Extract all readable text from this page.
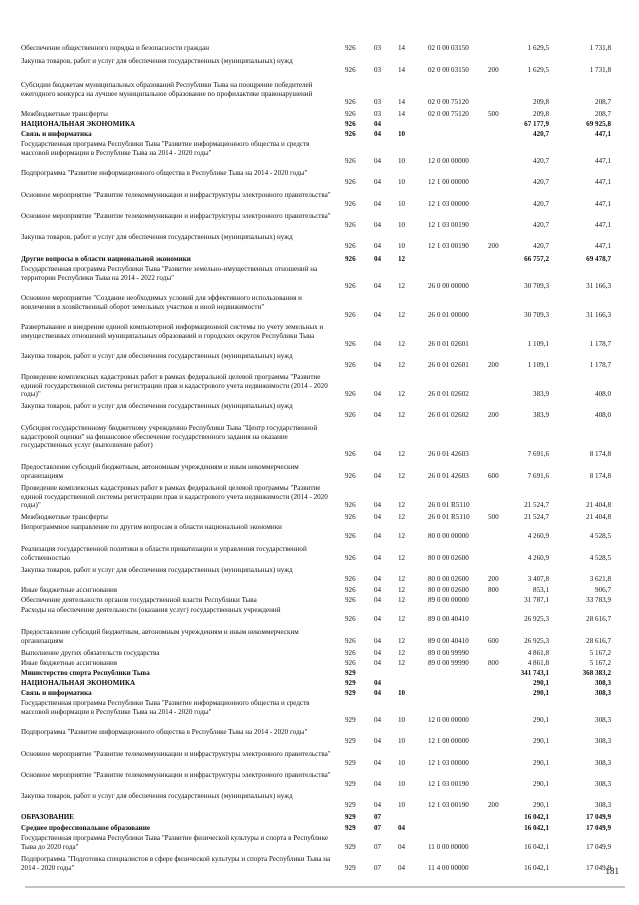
Обеспечение общественного порядка и безопасности граждан	926	03 14	02 0 00 03150	1 629,5	1 731,8
Закупка товаров, работ и услуг для обеспечения государственных (муниципальных) нужд
926	03 14	02 0 00 03150	200	1 629,5	1 731,8
Субсидии бюджетам муниципальных образований Республики Тыва на поощрение победителей ежегодного конкурса на лучшее муниципальное образование по профилактике правонарушений
926	03 14	02 0 00 75120	209,8	208,7
Межбюджетные трансферты	926	03 14	02 0 00 75120	500	209,8	208,7
НАЦИОНАЛЬНАЯ ЭКОНОМИКА	926	04	67 177,9	69 925,8
Связь и информатика	926	04 10	420,7	447,1
Государственная программа Республики Тыва "Развитие информационного общества и средств массовой информации в Республике Тыва на 2014 - 2020 годы"
926	04 10	12 0 00 00000	420,7	447,1
Подпрограмма "Развитие информационного общества в Республике Тыва на 2014 - 2020 годы"
926	04 10	12 1 00 00000	420,7	447,1
Основное мероприятие "Развитие телекоммуникации и инфраструктуры электронного правительства"
926	04 10	12 1 03 00000	420,7	447,1
Основное мероприятие "Развитие телекоммуникации и инфраструктуры электронного правительства"
926	04 10	12 1 03 00190	420,7	447,1
Закупка товаров, работ и услуг для обеспечения государственных (муниципальных) нужд
926	04 10	12 1 03 00190	200	420,7	447,1
Другие вопросы в области национальной экономики	926	04 12	66 757,2	69 478,7
Государственная программа Республики Тыва "Развитие земельно-имущественных отношений на территории Республики Тыва на 2014 - 2022 годы"
926	04 12	26 0 00 00000	30 709,3	31 166,3
Основное мероприятие "Создание необходимых условий для эффективного использования и вовлечения в хозяйственный оборот земельных участков и иной недвижимости"
926	04 12	26 0 01 00000	30 709,3	31 166,3
Развертывание и внедрение единой компьютерной информационной системы по учету земельных и имущественных отношений муниципальных образований и городских округов Республики Тыва
926	04 12	26 0 01 02601	1 109,1	1 178,7
Закупка товаров, работ и услуг для обеспечения государственных (муниципальных) нужд
926	04 12	26 0 01 02601	200	1 109,1	1 178,7
Проведение комплексных кадастровых работ в рамках федеральной целевой программы "Развитие единой государственной системы регистрации прав и кадастрового учета недвижимости (2014 - 2020 годы)"	926	04 12	26 0 01 02602	383,9	408,0
Закупка товаров, работ и услуг для обеспечения государственных (муниципальных) нужд
926	04 12	26 0 01 02602	200	383,9	408,0
Субсидия государственному бюджетному учреждению Республики Тыва "Центр государственной кадастровой оценки" на финансовое обеспечение государственного задания на оказание государственных услуг (выполнение работ)
926	04 12	26 0 01 42603	7 691,6	8 174,8
Предоставление субсидий бюджетным, автономным учреждениям и иным некоммерческим организациям	926	04 12	26 0 01 42603	600	7 691,6	8 174,8
Проведение комплексных кадастровых работ в рамках федеральной целевой программы "Развитие единой государственной системы регистрации прав и кадастрового учета недвижимости (2014 - 2020 годы)"	926	04 12	26 0 01 R5110	21 524,7	21 404,8
Межбюджетные трансферты	926	04 12	26 0 01 R5110	500	21 524,7	21 404,8
Непрограммное направление по другим вопросам в области национальной экономики
926	04 12	80 0 00 00000	4 260,9	4 528,5
Реализация государственной политики в области приватизации и управления государственной собственностью	926	04 12	80 0 00 02600	4 260,9	4 528,5
Закупка товаров, работ и услуг для обеспечения государственных (муниципальных) нужд
926	04 12	80 0 00 02600	200	3 407,8	3 621,8
Иные бюджетные ассигнования	926	04 12	80 0 00 02600	800	853,1	906,7
Обеспечение деятельности органов государственной власти Республики Тыва	926	04 12	89 0 00 00000	31 787,1	33 783,9
Расходы на обеспечение деятельности (оказания услуг) государственных учреждений
926	04 12	89 0 00 40410	26 925,3	28 616,7
Предоставление субсидий бюджетным, автономным учреждениям и иным некоммерческим организациям	926	04 12	89 0 00 40410	600	26 925,3	28 616,7
Выполнение других обязательств государства	926	04 12	89 0 00 99990	4 861,8	5 167,2
Иные бюджетные ассигнования	926	04 12	89 0 00 99990	800	4 861,8	5 167,2
Министерство спорта Республики Тыва	929	341 743,1	368 383,2
НАЦИОНАЛЬНАЯ ЭКОНОМИКА	929	04	290,1	308,3
Связь и информатика	929	04 10	290,1	308,3
Государственная программа Республики Тыва "Развитие информационного общества и средств массовой информации в Республике Тыва на 2014 - 2020 годы"
929	04 10	12 0 00 00000	290,1	308,3
Подпрограмма "Развитие информационного общества в Республике Тыва на 2014 - 2020 годы"
929	04 10	12 1 00 00000	290,1	308,3
Основное мероприятие "Развитие телекоммуникации и инфраструктуры электронного правительства"
929	04 10	12 1 03 00000	290,1	308,3
Основное мероприятие "Развитие телекоммуникации и инфраструктуры электронного правительства"
929	04 10	12 1 03 00190	290,1	308,3
Закупка товаров, работ и услуг для обеспечения государственных (муниципальных) нужд
929	04 10	12 1 03 00190	200	290,1	308,3
ОБРАЗОВАНИЕ	929	07	16 042,1	17 049,9
Среднее профессиональное образование	929	07 04	16 042,1	17 049,9
Государственная программа Республики Тыва "Развитие физической культуры и спорта в Республике Тыва до 2020 года"	929	07 04	11 0 00 00000	16 042,1	17 049,9
Подпрограмма "Подготовка специалистов в сфере физической культуры и спорта Республики Тыва на 2014 - 2020 годы"	929	07 04	11 4 00 00000	16 042,1	17 049,9
181
